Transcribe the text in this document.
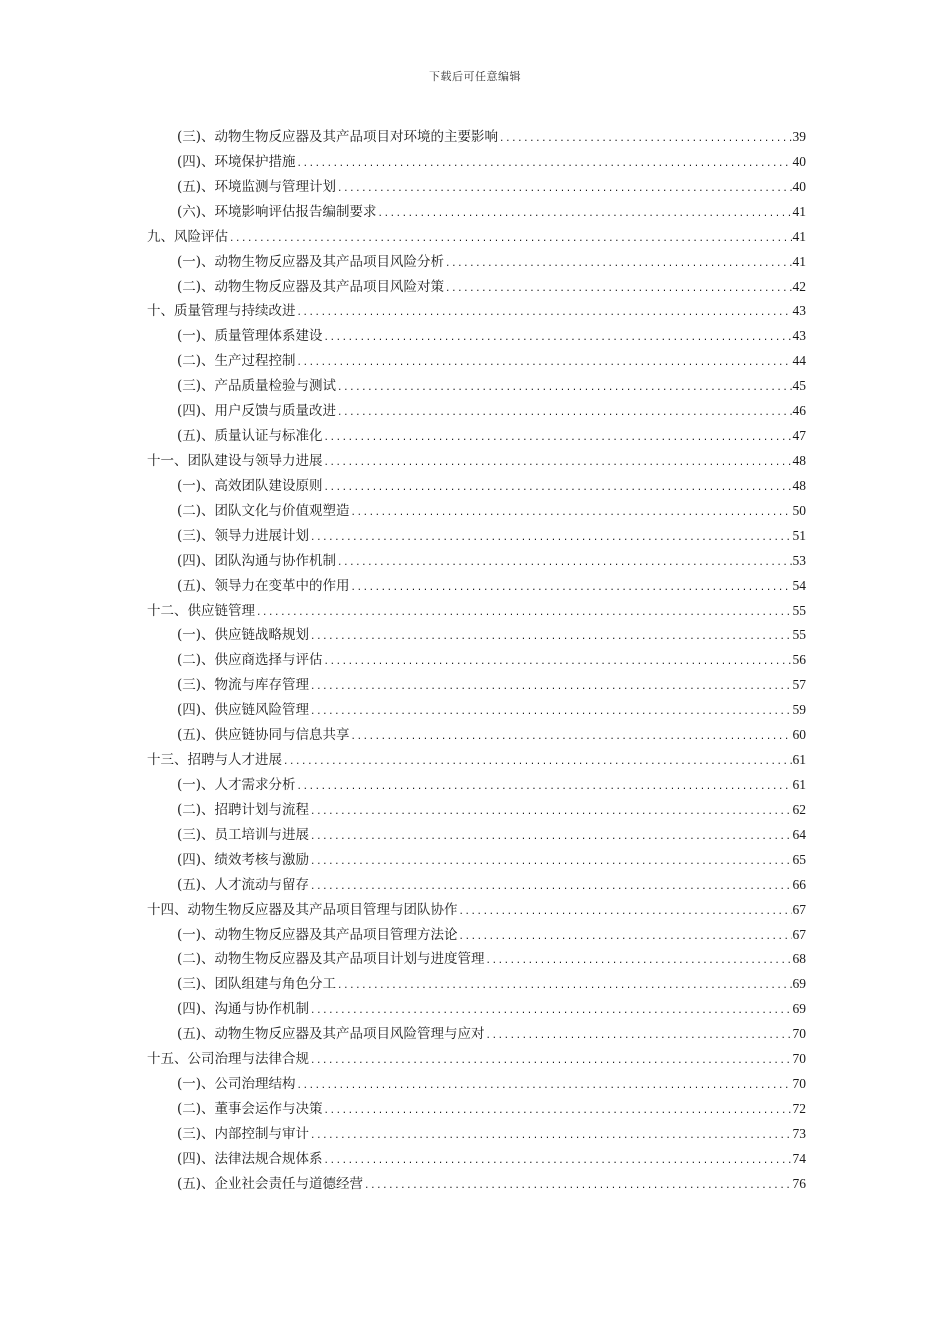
下载后可任意编辑
(三)、动物生物反应器及其产品项目对环境的主要影响 .....	39
(四)、环境保护措施 .....	40
(五)、环境监测与管理计划 .....	40
(六)、环境影响评估报告编制要求 .....	41
九、风险评估 .....	41
(一)、动物生物反应器及其产品项目风险分析 .....	41
(二)、动物生物反应器及其产品项目风险对策 .....	42
十、质量管理与持续改进 .....	43
(一)、质量管理体系建设 .....	43
(二)、生产过程控制 .....	44
(三)、产品质量检验与测试 .....	45
(四)、用户反馈与质量改进 .....	46
(五)、质量认证与标准化 .....	47
十一、团队建设与领导力进展 .....	48
(一)、高效团队建设原则 .....	48
(二)、团队文化与价值观塑造 .....	50
(三)、领导力进展计划 .....	51
(四)、团队沟通与协作机制 .....	53
(五)、领导力在变革中的作用 .....	54
十二、供应链管理 .....	55
(一)、供应链战略规划 .....	55
(二)、供应商选择与评估 .....	56
(三)、物流与库存管理 .....	57
(四)、供应链风险管理 .....	59
(五)、供应链协同与信息共享 .....	60
十三、招聘与人才进展 .....	61
(一)、人才需求分析 .....	61
(二)、招聘计划与流程 .....	62
(三)、员工培训与进展 .....	64
(四)、绩效考核与激励 .....	65
(五)、人才流动与留存 .....	66
十四、动物生物反应器及其产品项目管理与团队协作 .....	67
(一)、动物生物反应器及其产品项目管理方法论 .....	67
(二)、动物生物反应器及其产品项目计划与进度管理 .....	68
(三)、团队组建与角色分工 .....	69
(四)、沟通与协作机制 .....	69
(五)、动物生物反应器及其产品项目风险管理与应对 .....	70
十五、公司治理与法律合规 .....	70
(一)、公司治理结构 .....	70
(二)、董事会运作与决策 .....	72
(三)、内部控制与审计 .....	73
(四)、法律法规合规体系 .....	74
(五)、企业社会责任与道德经营 .....	76
